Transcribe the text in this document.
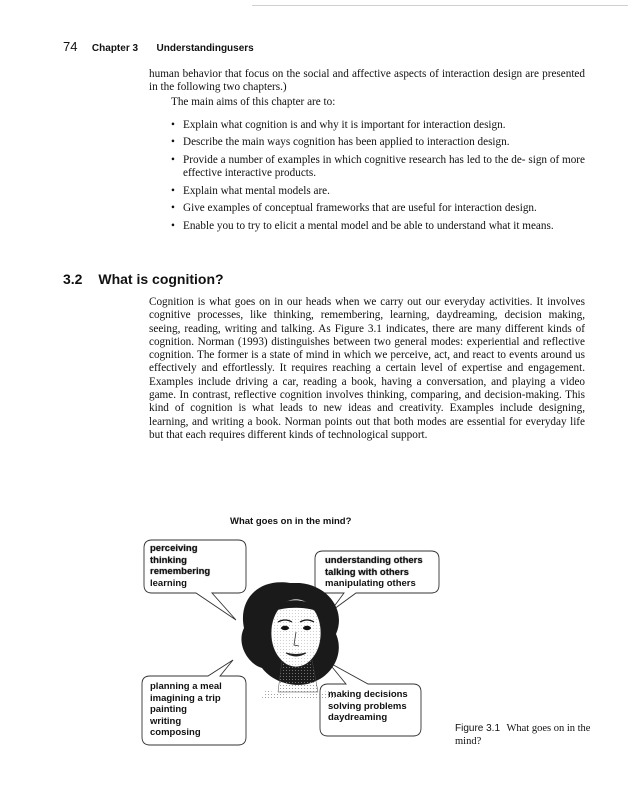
74 Chapter 3 Understandingusers
human behavior that focus on the social and affective aspects of interaction design are presented in the following two chapters.)
The main aims of this chapter are to:
• Explain what cognition is and why it is important for interaction design.
• Describe the main ways cognition has been applied to interaction design.
• Provide a number of examples in which cognitive research has led to the de- sign of more effective interactive products.
• Explain what mental models are.
• Give examples of conceptual frameworks that are useful for interaction design.
• Enable you to try to elicit a mental model and be able to understand what it means.
3.2 What is cognition?
Cognition is what goes on in our heads when we carry out our everyday activities. It involves cognitive processes, like thinking, remembering, learning, daydreaming, decision making, seeing, reading, writing and talking. As Figure 3.1 indicates, there are many different kinds of cognition. Norman (1993) distinguishes between two general modes: experiential and reflective cognition. The former is a state of mind in which we perceive, act, and react to events around us effectively and effortlessly. It requires reaching a certain level of expertise and engagement. Examples include driving a car, reading a book, having a conversation, and playing a video game. In contrast, reflective cognition involves thinking, comparing, and decision-making. This kind of cognition is what leads to new ideas and creativity. Examples include designing, learning, and writing a book. Norman points out that both modes are essential for everyday life but that each requires different kinds of technological support.
What goes on in the mind?
perceiving
thinking
remembering
learning
understanding others
talking with others
manipulating others
planning a meal
imagining a trip
painting
writing
composing
making decisions
solving problems
daydreaming
Figure 3.1 What goes on in the mind?
